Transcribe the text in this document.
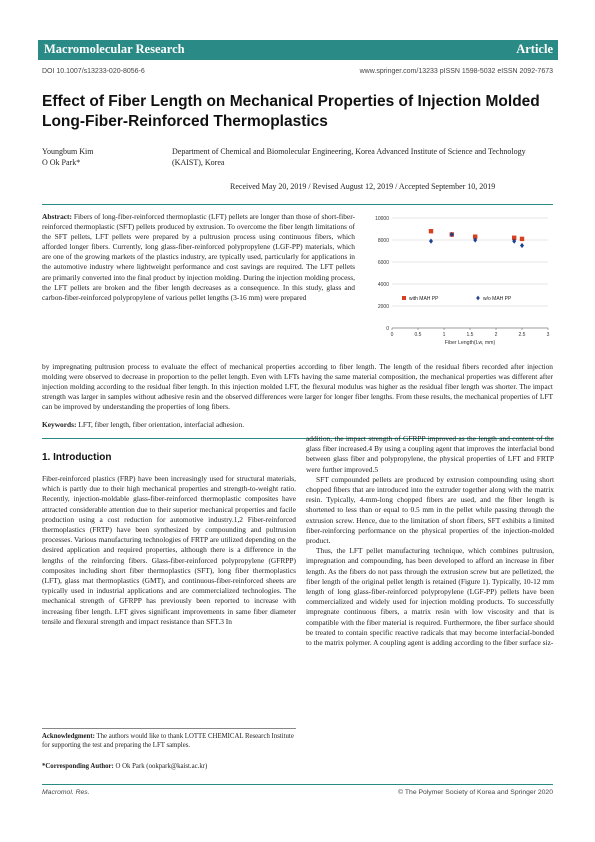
Macromolecular Research	Article
DOI 10.1007/s13233-020-8056-6	www.springer.com/13233 pISSN 1598-5032 eISSN 2092-7673
Effect of Fiber Length on Mechanical Properties of Injection Molded Long-Fiber-Reinforced Thermoplastics
Youngbum Kim
O Ok Park*
Department of Chemical and Biomolecular Engineering, Korea Advanced Institute of Science and Technology (KAIST), Korea
Received May 20, 2019 / Revised August 12, 2019 / Accepted September 10, 2019
Abstract: Fibers of long-fiber-reinforced thermoplastic (LFT) pellets are longer than those of short-fiber-reinforced thermoplastic (SFT) pellets produced by extrusion. To overcome the fiber length limitations of the SFT pellets, LFT pellets were prepared by a pultrusion process using continuous fibers, which afforded longer fibers. Currently, long glass-fiber-reinforced polypropylene (LGF-PP) materials, which are one of the growing markets of the plastics industry, are typically used, particularly for applications in the automotive industry where lightweight performance and cost savings are required. The LFT pellets are primarily converted into the final product by injection molding. During the injection molding process, the LFT pellets are broken and the fiber length decreases as a consequence. In this study, glass and carbon-fiber-reinforced polypropylene of various pellet lengths (3-16 mm) were prepared
0
2000
4000
6000
8000
10000
0	0.5	1	1.5	2	2.5	3
Fiber Length(Lw, mm)
with MAH PP	w/o MAH PP
by impregnating pultrusion process to evaluate the effect of mechanical properties according to fiber length. The length of the residual fibers recorded after injection molding were observed to decrease in proportion to the pellet length. Even with LFTs having the same material composition, the mechanical properties was different after injection molding according to the residual fiber length. In this injection molded LFT, the flexural modulus was higher as the residual fiber length was shorter. The impact strength was larger in samples without adhesive resin and the observed differences were larger for longer fiber lengths. From these results, the mechanical properties of LFT can be improved by understanding the properties of long fibers.
Keywords: LFT, fiber length, fiber orientation, interfacial adhesion.
1. Introduction

Fiber-reinforced plastics (FRP) have been increasingly used for structural materials, which is partly due to their high mechanical properties and strength-to-weight ratio. Recently, injection-moldable glass-fiber-reinforced thermoplastic composites have attracted considerable attention due to their superior mechanical properties and facile production using a cost reduction for automotive industry.1,2 Fiber-reinforced thermoplastics (FRTP) have been synthesized by compounding and pultrusion processes. Various manufacturing technologies of FRTP are utilized depending on the desired application and required properties, although there is a difference in the lengths of the reinforcing fibers. Glass-fiber-reinforced polypropylene (GFRPP) composites including short fiber thermoplastics (SFT), long fiber thermoplastics (LFT), glass mat thermoplastics (GMT), and continuous-fiber-reinforced sheets are typically used in industrial applications and are commercialized technologies. The mechanical strength of GFRPP has previously been reported to increase with increasing fiber length. LFT gives significant improvements in same fiber diameter tensile and flexural strength and impact resistance than SFT.3 In

addition, the impact strength of GFRPP improved as the length and content of the glass fiber increased.4 By using a coupling agent that improves the interfacial bond between glass fiber and polypropylene, the physical properties of LFT and FRTP were further improved.5

SFT compounded pellets are produced by extrusion compounding using short chopped fibers that are introduced into the extruder together along with the matrix resin. Typically, 4-mm-long chopped fibers are used, and the fiber length is shortened to less than or equal to 0.5 mm in the pellet while passing through the extrusion screw. Hence, due to the limitation of short fibers, SFT exhibits a limited fiber-reinforcing performance on the physical properties of the injection-molded product.

Thus, the LFT pellet manufacturing technique, which combines pultrusion, impregnation and compounding, has been developed to afford an increase in fiber length. As the fibers do not pass through the extrusion screw but are pelletized, the fiber length of the original pellet length is retained (Figure 1). Typically, 10-12 mm length of long glass-fiber-reinforced polypropylene (LGF-PP) pellets have been commercialized and widely used for injection molding products. To successfully impregnate continuous fibers, a matrix resin with low viscosity and that is compatible with the fiber material is required. Furthermore, the fiber surface should be treated to contain specific reactive radicals that may become interfacial-bonded to the matrix polymer. A coupling agent is adding according to the fiber surface siz-

Acknowledgment: The authors would like to thank LOTTE CHEMICAL Research Institute for supporting the test and preparing the LFT samples.
*Corresponding Author: O Ok Park (ookpark@kaist.ac.kr)
Macromol. Res.	© The Polymer Society of Korea and Springer 2020
